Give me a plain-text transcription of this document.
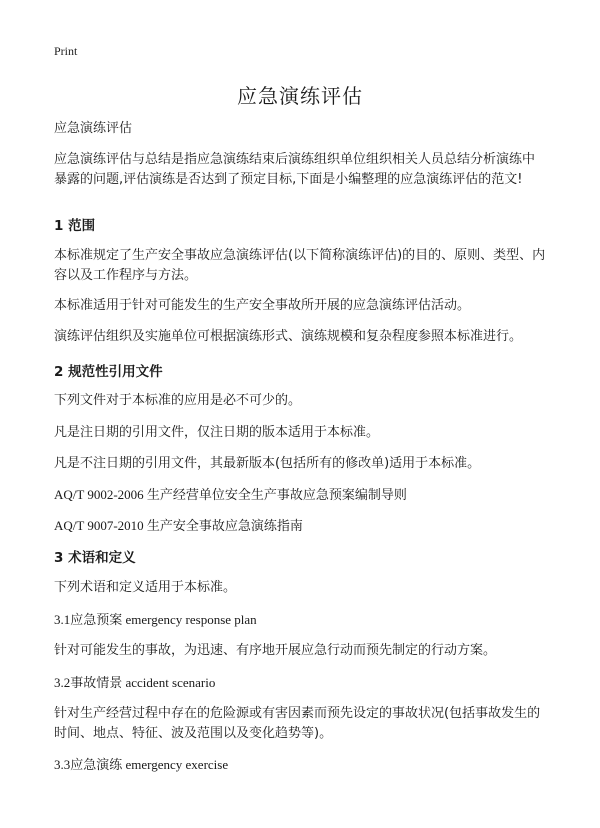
Print
应急演练评估

应急演练评估

应急演练评估与总结是指应急演练结束后演练组织单位组织相关人员总结分析演练中暴露的问题,评估演练是否达到了预定目标,下面是小编整理的应急演练评估的范文!

1 范围

本标准规定了生产安全事故应急演练评估(以下简称演练评估)的目的、原则、类型、内容以及工作程序与方法。

本标准适用于针对可能发生的生产安全事故所开展的应急演练评估活动。

演练评估组织及实施单位可根据演练形式、演练规模和复杂程度参照本标准进行。

2 规范性引用文件

下列文件对于本标准的应用是必不可少的。

凡是注日期的引用文件，仅注日期的版本适用于本标准。

凡是不注日期的引用文件，其最新版本(包括所有的修改单)适用于本标准。

AQ/T 9002-2006 生产经营单位安全生产事故应急预案编制导则

AQ/T 9007-2010 生产安全事故应急演练指南

3 术语和定义

下列术语和定义适用于本标准。

3.1应急预案 emergency response plan

针对可能发生的事故，为迅速、有序地开展应急行动而预先制定的行动方案。

3.2事故情景 accident scenario

针对生产经营过程中存在的危险源或有害因素而预先设定的事故状况(包括事故发生的时间、地点、特征、波及范围以及变化趋势等)。

3.3应急演练 emergency exercise
